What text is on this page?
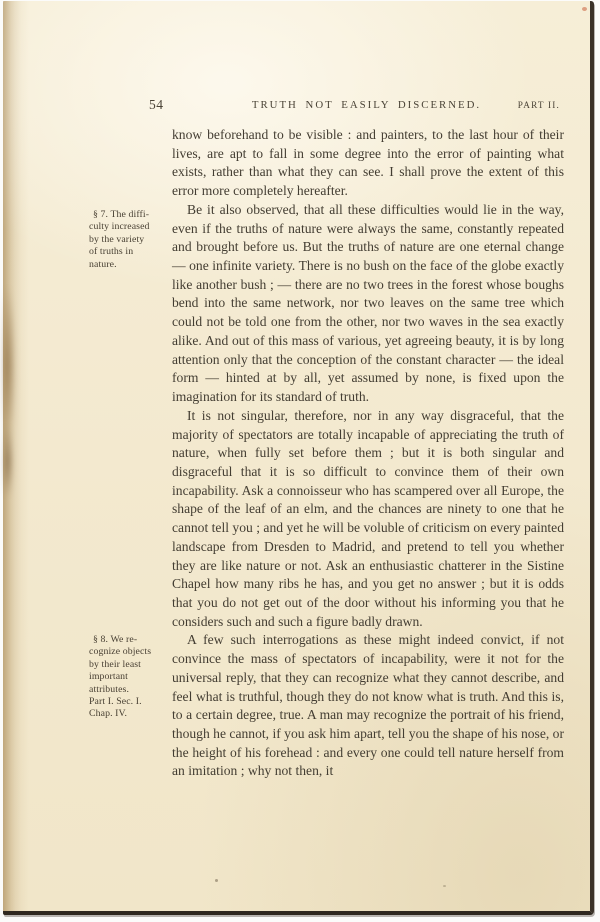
54	TRUTH NOT EASILY DISCERNED.	PART II.
§ 7. The diffi-
culty increased
by the variety
of truths in
nature.
§ 8. We re-
cognize objects
by their least
important
attributes.
Part I. Sec. I.
Chap. IV.

know beforehand to be visible : and painters, to the last hour of their lives, are apt to fall in some degree into the error of painting what exists, rather than what they can see. I shall prove the extent of this error more completely hereafter.

Be it also observed, that all these difficulties would lie in the way, even if the truths of nature were always the same, constantly repeated and brought before us. But the truths of nature are one eternal change — one infinite variety. There is no bush on the face of the globe exactly like another bush ; — there are no two trees in the forest whose boughs bend into the same network, nor two leaves on the same tree which could not be told one from the other, nor two waves in the sea exactly alike. And out of this mass of various, yet agreeing beauty, it is by long attention only that the conception of the constant character — the ideal form — hinted at by all, yet assumed by none, is fixed upon the imagination for its standard of truth.

It is not singular, therefore, nor in any way disgraceful, that the majority of spectators are totally incapable of appreciating the truth of nature, when fully set before them ; but it is both singular and disgraceful that it is so difficult to convince them of their own incapability. Ask a connoisseur who has scampered over all Europe, the shape of the leaf of an elm, and the chances are ninety to one that he cannot tell you ; and yet he will be voluble of criticism on every painted landscape from Dresden to Madrid, and pretend to tell you whether they are like nature or not. Ask an enthusiastic chatterer in the Sistine Chapel how many ribs he has, and you get no answer ; but it is odds that you do not get out of the door without his informing you that he considers such and such a figure badly drawn.

A few such interrogations as these might indeed convict, if not convince the mass of spectators of incapability, were it not for the universal reply, that they can recognize what they cannot describe, and feel what is truthful, though they do not know what is truth. And this is, to a certain degree, true. A man may recognize the portrait of his friend, though he cannot, if you ask him apart, tell you the shape of his nose, or the height of his forehead : and every one could tell nature herself from an imitation ; why not then, it
